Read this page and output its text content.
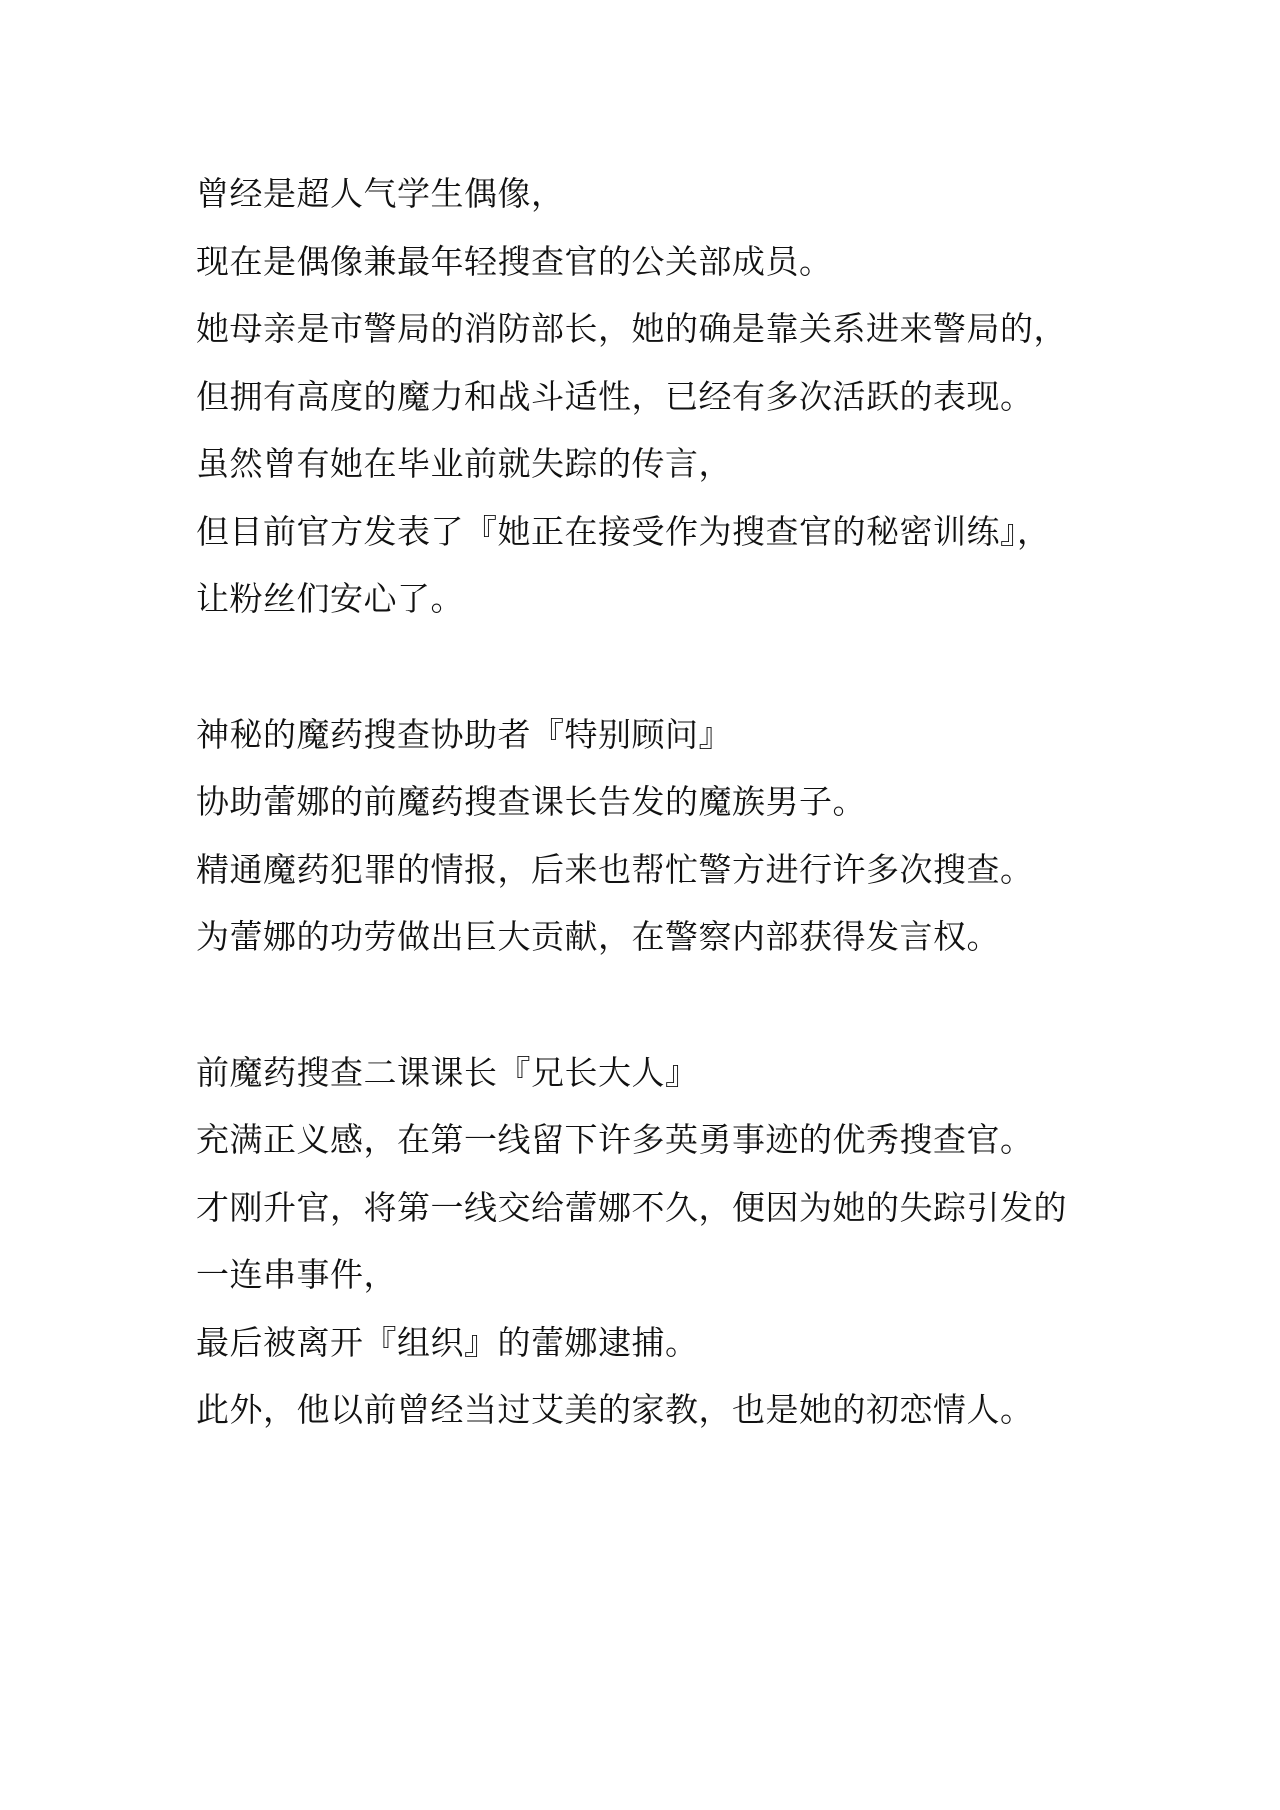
曾经是超人气学生偶像，
现在是偶像兼最年轻搜查官的公关部成员。
她母亲是市警局的消防部长，她的确是靠关系进来警局的，
但拥有高度的魔力和战斗适性，已经有多次活跃的表现。
虽然曾有她在毕业前就失踪的传言，
但目前官方发表了『她正在接受作为搜查官的秘密训练』，
让粉丝们安心了。
神秘的魔药搜查协助者『特别顾问』
协助蕾娜的前魔药搜查课长告发的魔族男子。
精通魔药犯罪的情报，后来也帮忙警方进行许多次搜查。
为蕾娜的功劳做出巨大贡献，在警察内部获得发言权。
前魔药搜查二课课长『兄长大人』
充满正义感，在第一线留下许多英勇事迹的优秀搜查官。
才刚升官，将第一线交给蕾娜不久，便因为她的失踪引发的
一连串事件，
最后被离开『组织』的蕾娜逮捕。
此外，他以前曾经当过艾美的家教，也是她的初恋情人。
